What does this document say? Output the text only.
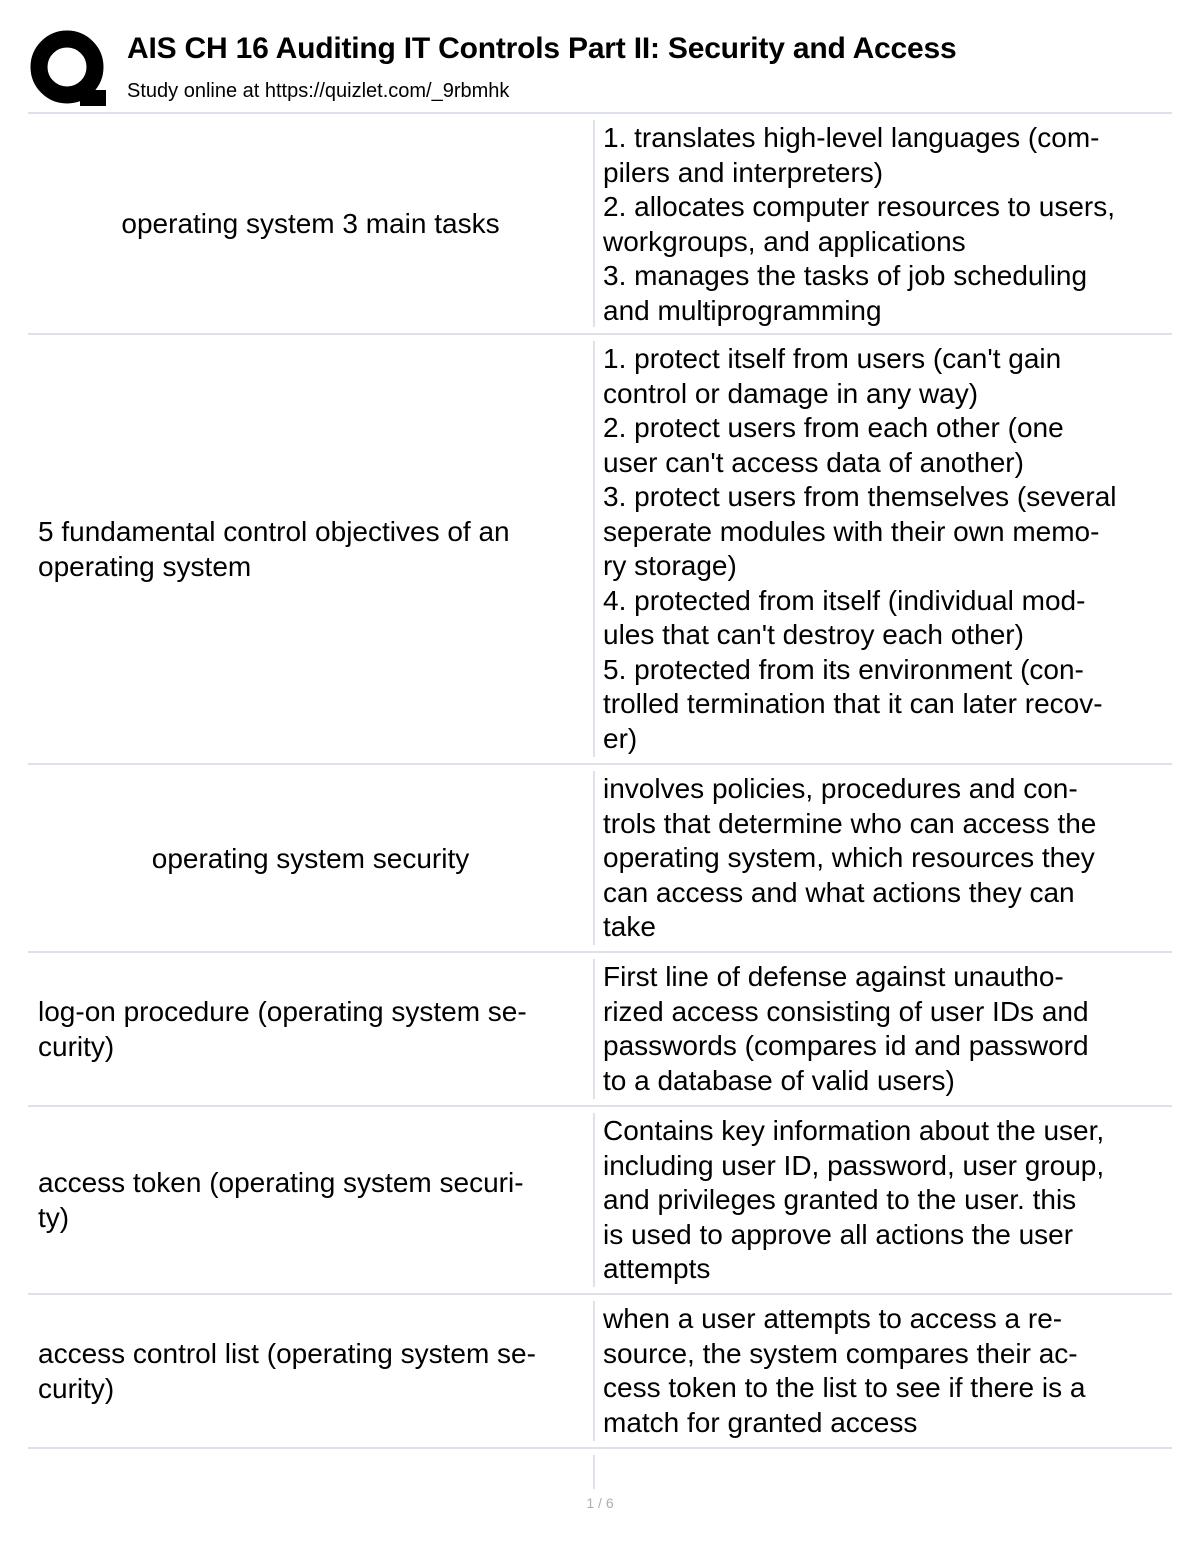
AIS CH 16 Auditing IT Controls Part II: Security and Access
Study online at https://quizlet.com/_9rbmhk
operating system 3 main tasks
1. translates high-level languages (com-
pilers and interpreters)
2. allocates computer resources to users,
workgroups, and applications
3. manages the tasks of job scheduling
and multiprogramming
5 fundamental control objectives of an
operating system
1. protect itself from users (can't gain
control or damage in any way)
2. protect users from each other (one
user can't access data of another)
3. protect users from themselves (several
seperate modules with their own memo-
ry storage)
4. protected from itself (individual mod-
ules that can't destroy each other)
5. protected from its environment (con-
trolled termination that it can later recov-
er)
operating system security
involves policies, procedures and con-
trols that determine who can access the
operating system, which resources they
can access and what actions they can
take
log-on procedure (operating system se-
curity)
First line of defense against unautho-
rized access consisting of user IDs and
passwords (compares id and password
to a database of valid users)
access token (operating system securi-
ty)
Contains key information about the user,
including user ID, password, user group,
and privileges granted to the user. this
is used to approve all actions the user
attempts
access control list (operating system se-
curity)
when a user attempts to access a re-
source, the system compares their ac-
cess token to the list to see if there is a
match for granted access
1 / 6
